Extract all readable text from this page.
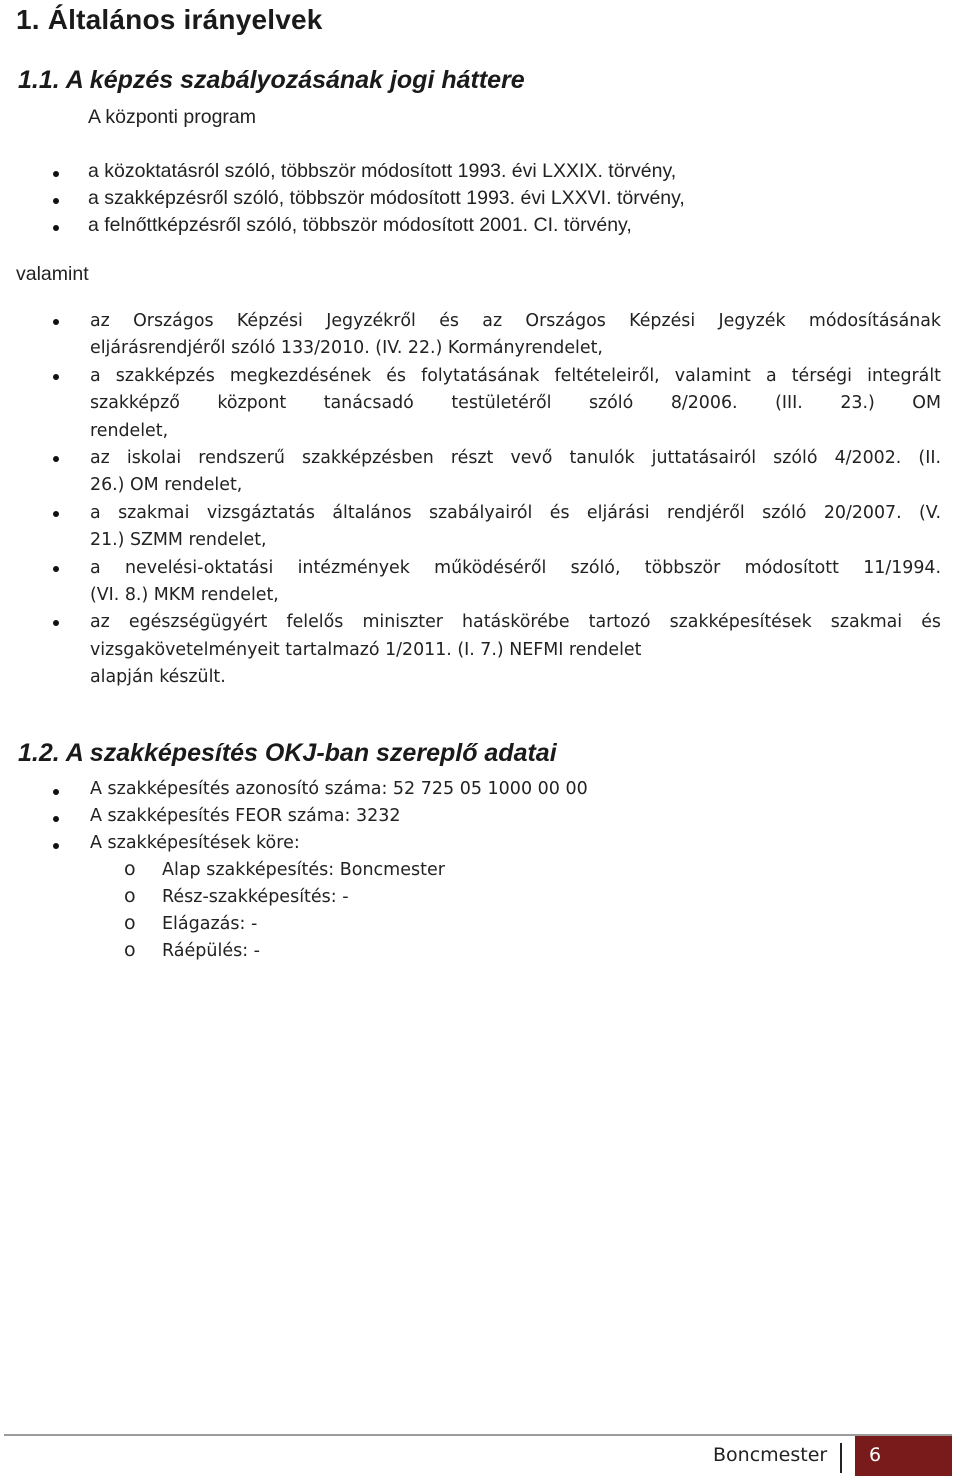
1. Általános irányelvek
1.1. A képzés szabályozásának jogi háttere
A központi program
a közoktatásról szóló, többször módosított 1993. évi LXXIX. törvény,
a szakképzésről szóló, többször módosított 1993. évi LXXVI. törvény,
a felnőttképzésről szóló, többször módosított 2001. CI. törvény,
valamint
az Országos Képzési Jegyzékről és az Országos Képzési Jegyzék módosításának
eljárásrendjéről szóló 133/2010. (IV. 22.) Kormányrendelet,
a szakképzés megkezdésének és folytatásának feltételeiről, valamint a térségi integrált szakképző központ tanácsadó testületéről szóló 8/2006. (III. 23.) OM
rendelet,
az iskolai rendszerű szakképzésben részt vevő tanulók juttatásairól szóló 4/2002. (II.
26.) OM rendelet,
a szakmai vizsgáztatás általános szabályairól és eljárási rendjéről szóló 20/2007. (V.
21.) SZMM rendelet,
a nevelési-oktatási intézmények működéséről szóló, többször módosított 11/1994.
(VI. 8.) MKM rendelet,
az egészségügyért felelős miniszter hatáskörébe tartozó szakképesítések szakmai és
vizsgakövetelményeit tartalmazó 1/2011. (I. 7.) NEFMI rendelet
alapján készült.
1.2. A szakképesítés OKJ-ban szereplő adatai
A szakképesítés azonosító száma: 52 725 05 1000 00 00
A szakképesítés FEOR száma: 3232
A szakképesítések köre:
o Alap szakképesítés: Boncmester
o Rész-szakképesítés: -
o Elágazás: -
o Ráépülés: -
Boncmester 6
